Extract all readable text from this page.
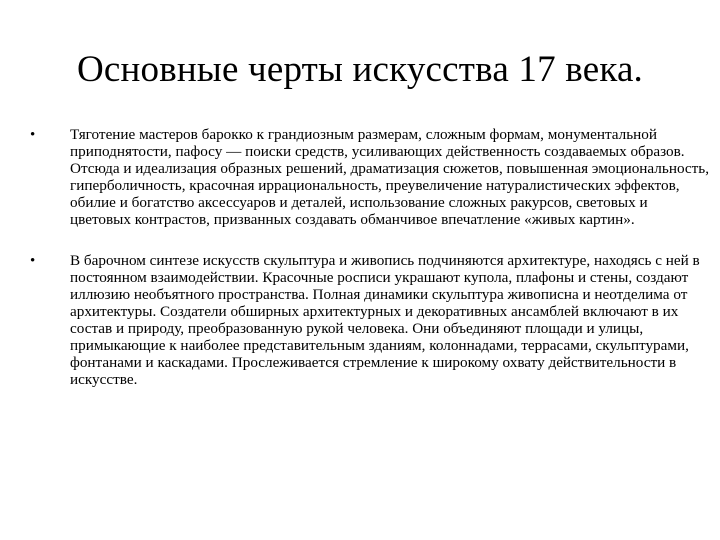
Основные черты искусства 17 века.
•	Тяготение мастеров барокко к грандиозным размерам, сложным формам, монументальной приподнятости, пафосу — поиски средств, усиливающих действенность создаваемых образов. Отсюда и идеализация образных решений, драматизация сюжетов, повышенная эмоциональность, гиперболичность, красочная иррациональность, преувеличение натуралистических эффектов, обилие и богатство аксессуаров и деталей, использование сложных ракурсов, световых и цветовых контрастов, призванных создавать обманчивое впечатление «живых картин».
•	В барочном синтезе искусств скульптура и живопись подчиняются архитектуре, находясь с ней в постоянном взаимодействии. Красочные росписи украшают купола, плафоны и стены, создают иллюзию необъятного пространства. Полная динамики скульптура живописна и неотделима от архитектуры. Создатели обширных архитектурных и декоративных ансамблей включают в их состав и природу, преобразованную рукой человека. Они объединяют площади и улицы, примыкающие к наиболее представительным зданиям, колоннадами, террасами, скульптурами, фонтанами и каскадами. Прослеживается стремление к широкому охвату действительности в искусстве.
